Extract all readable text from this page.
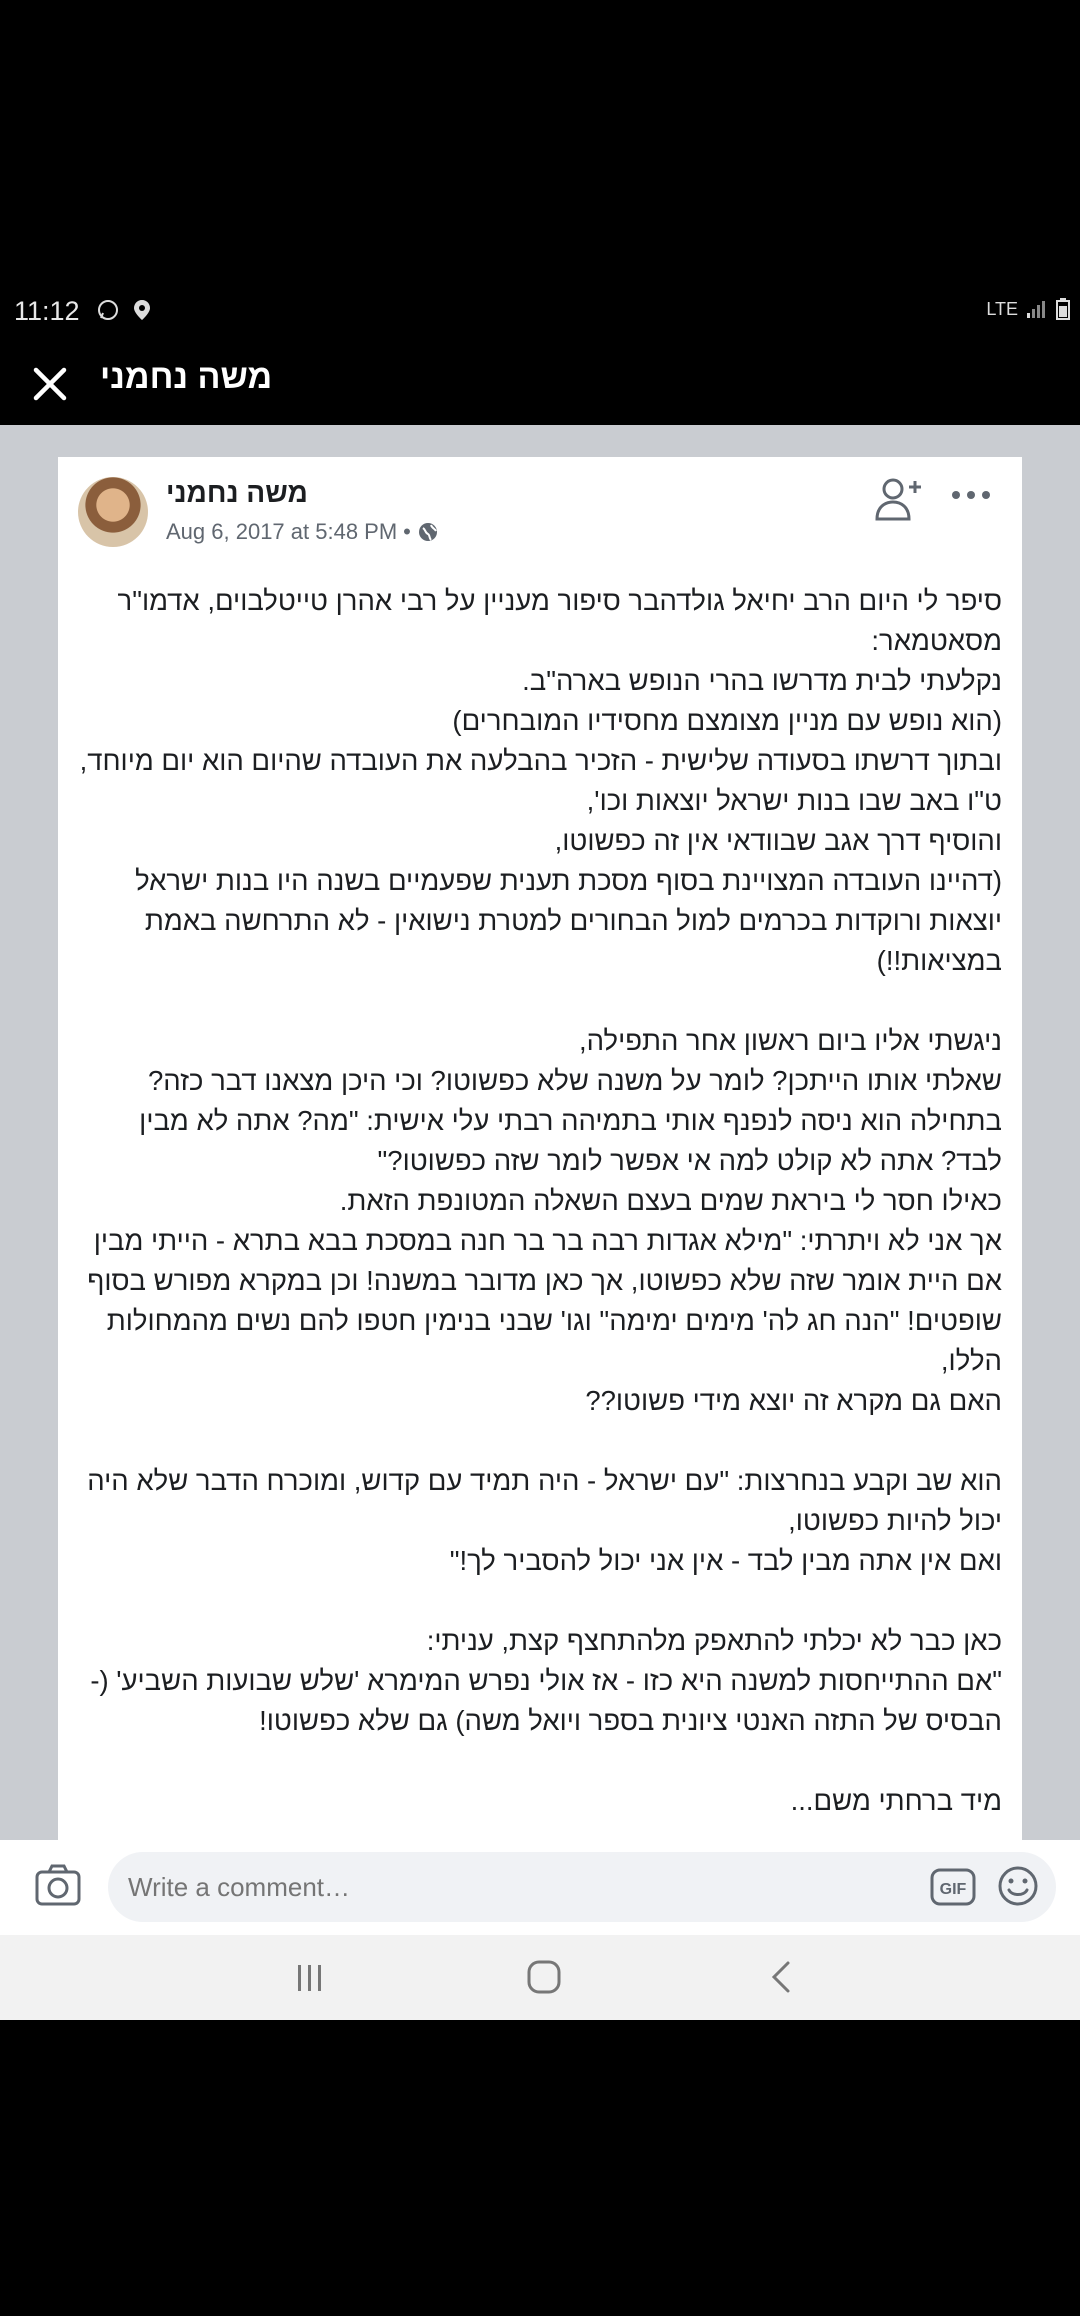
11:12	LTE
משה נחמני
משה נחמני
Aug 6, 2017 at 5:48 PM •

סיפר לי היום הרב יחיאל גולדהבר סיפור מעניין על רבי אהרן טייטלבוים, אדמו"ר מסאטמאר:

נקלעתי לבית מדרשו בהרי הנופש בארה"ב.

(הוא נופש עם מניין מצומצם מחסידיו המובחרים)

ובתוך דרשתו בסעודה שלישית - הזכיר בהבלעה את העובדה שהיום הוא יום מיוחד, ט"ו באב שבו בנות ישראל יוצאות וכו',

והוסיף דרך אגב שבוודאי אין זה כפשוטו,

(דהיינו העובדה המצויינת בסוף מסכת תענית שפעמיים בשנה היו בנות ישראל יוצאות ורוקדות בכרמים למול הבחורים למטרת נישואין - לא התרחשה באמת במציאות!!)

ניגשתי אליו ביום ראשון אחר התפילה,

שאלתי אותו הייתכן? לומר על משנה שלא כפשוטו? וכי היכן מצאנו דבר כזה?

בתחילה הוא ניסה לנפנף אותי בתמיהה רבתי עלי אישית: "מה? אתה לא מבין לבד? אתה לא קולט למה אי אפשר לומר שזה כפשוטו?"

כאילו חסר לי ביראת שמים בעצם השאלה המטונפת הזאת.

אך אני לא ויתרתי: "מילא אגדות רבה בר בר חנה במסכת בבא בתרא - הייתי מבין אם היית אומר שזה שלא כפשוטו, אך כאן מדובר במשנה! וכן במקרא מפורש בסוף שופטים! "הנה חג לה' מימים ימימה" וגו' שבני בנימין חטפו להם נשים מהמחולות הללו,

האם גם מקרא זה יוצא מידי פשוטו??

הוא שב וקבע בנחרצות: "עם ישראל - היה תמיד עם קדוש, ומוכרח הדבר שלא היה יכול להיות כפשוטו,

ואם אין אתה מבין לבד - אין אני יכול להסביר לך!"

כאן כבר לא יכלתי להתאפק מלהתחצף קצת, עניתי:

"אם ההתייחסות למשנה היא כזו - אז אולי נפרש המימרא 'שלש שבועות השביע' (-הבסיס של התזה האנטי ציונית בספר ויואל משה) גם שלא כפשוטו!

מיד ברחתי משם...

Write a comment…
GIF
